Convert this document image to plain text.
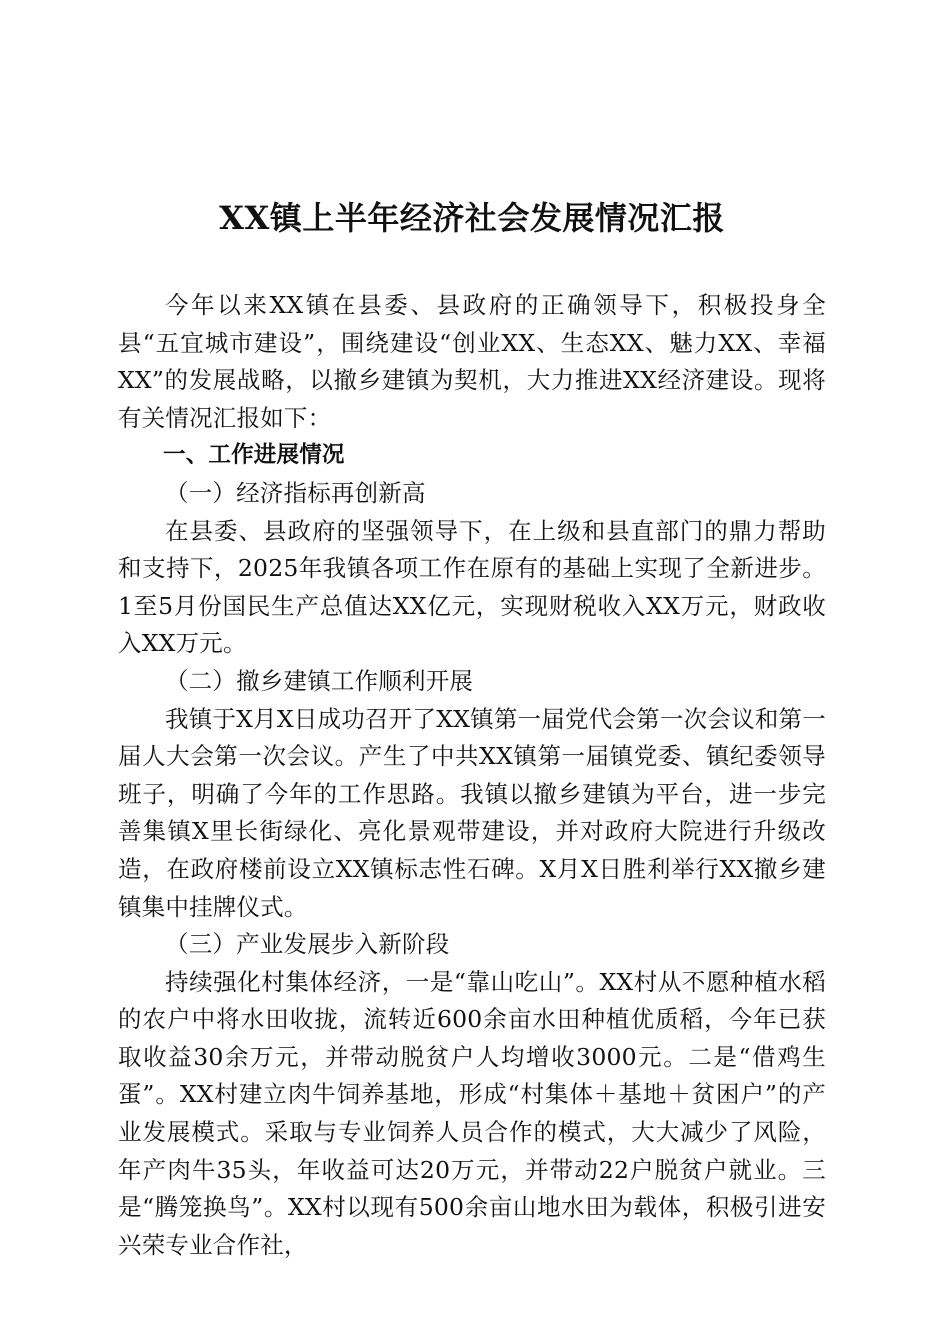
XX镇上半年经济社会发展情况汇报

今年以来XX镇在县委、县政府的正确领导下，积极投身全县“五宜城市建设”，围绕建设“创业XX、生态XX、魅力XX、幸福XX”的发展战略，以撤乡建镇为契机，大力推进XX经济建设。现将有关情况汇报如下：

一、工作进展情况

（一）经济指标再创新高

在县委、县政府的坚强领导下，在上级和县直部门的鼎力帮助和支持下，2025年我镇各项工作在原有的基础上实现了全新进步。1至5月份国民生产总值达XX亿元，实现财税收入XX万元，财政收入XX万元。

（二）撤乡建镇工作顺利开展

我镇于X月X日成功召开了XX镇第一届党代会第一次会议和第一届人大会第一次会议。产生了中共XX镇第一届镇党委、镇纪委领导班子，明确了今年的工作思路。我镇以撤乡建镇为平台，进一步完善集镇X里长街绿化、亮化景观带建设，并对政府大院进行升级改造，在政府楼前设立XX镇标志性石碑。X月X日胜利举行XX撤乡建镇集中挂牌仪式。

（三）产业发展步入新阶段

持续强化村集体经济，一是“靠山吃山”。XX村从不愿种植水稻的农户中将水田收拢，流转近600余亩水田种植优质稻，今年已获取收益30余万元，并带动脱贫户人均增收3000元。二是“借鸡生蛋”。XX村建立肉牛饲养基地，形成“村集体＋基地＋贫困户”的产业发展模式。采取与专业饲养人员合作的模式，大大减少了风险，年产肉牛35头，年收益可达20万元，并带动22户脱贫户就业。三是“腾笼换鸟”。XX村以现有500余亩山地水田为载体，积极引进安兴荣专业合作社，
